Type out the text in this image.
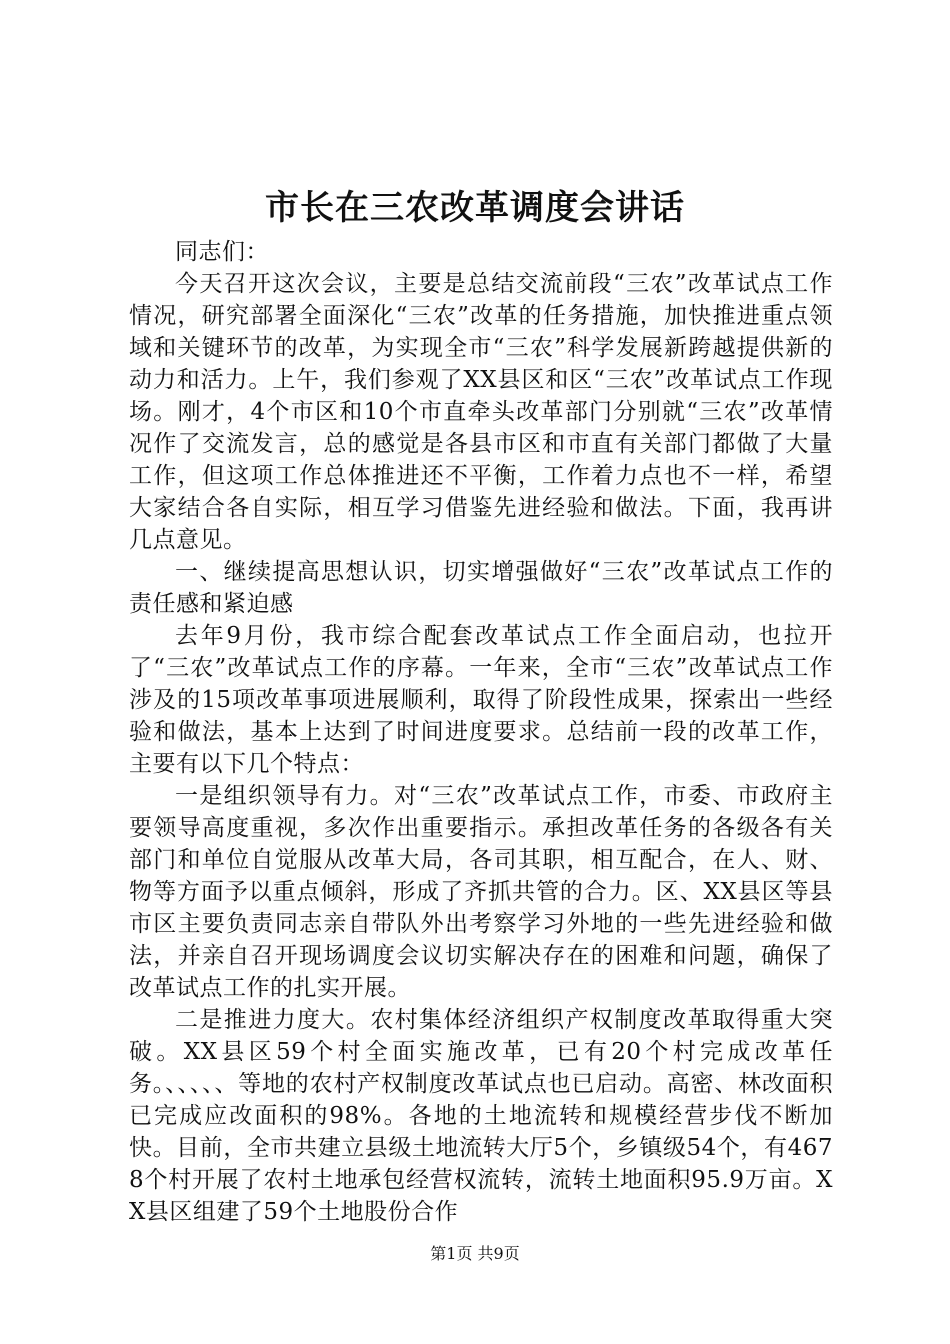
市长在三农改革调度会讲话

同志们：

今天召开这次会议，主要是总结交流前段“三农”改革试点工作情况，研究部署全面深化“三农”改革的任务措施，加快推进重点领域和关键环节的改革，为实现全市“三农”科学发展新跨越提供新的动力和活力。上午，我们参观了XX县区和区“三农”改革试点工作现场。刚才，4个市区和10个市直牵头改革部门分别就“三农”改革情况作了交流发言，总的感觉是各县市区和市直有关部门都做了大量工作，但这项工作总体推进还不平衡，工作着力点也不一样，希望大家结合各自实际，相互学习借鉴先进经验和做法。下面，我再讲几点意见。

一、继续提高思想认识，切实增强做好“三农”改革试点工作的责任感和紧迫感

去年9月份，我市综合配套改革试点工作全面启动，也拉开了“三农”改革试点工作的序幕。一年来，全市“三农”改革试点工作涉及的15项改革事项进展顺利，取得了阶段性成果，探索出一些经验和做法，基本上达到了时间进度要求。总结前一段的改革工作，主要有以下几个特点：

一是组织领导有力。对“三农”改革试点工作，市委、市政府主要领导高度重视，多次作出重要指示。承担改革任务的各级各有关部门和单位自觉服从改革大局，各司其职，相互配合，在人、财、物等方面予以重点倾斜，形成了齐抓共管的合力。区、XX县区等县市区主要负责同志亲自带队外出考察学习外地的一些先进经验和做法，并亲自召开现场调度会议切实解决存在的困难和问题，确保了改革试点工作的扎实开展。

二是推进力度大。农村集体经济组织产权制度改革取得重大突破。XX县区59个村全面实施改革，已有20个村完成改革任务。、、、、、等地的农村产权制度改革试点也已启动。高密、林改面积已完成应改面积的98%。各地的土地流转和规模经营步伐不断加快。目前，全市共建立县级土地流转大厅5个，乡镇级54个，有4678个村开展了农村土地承包经营权流转，流转土地面积95.9万亩。XX县区组建了59个土地股份合作

第1页 共9页
